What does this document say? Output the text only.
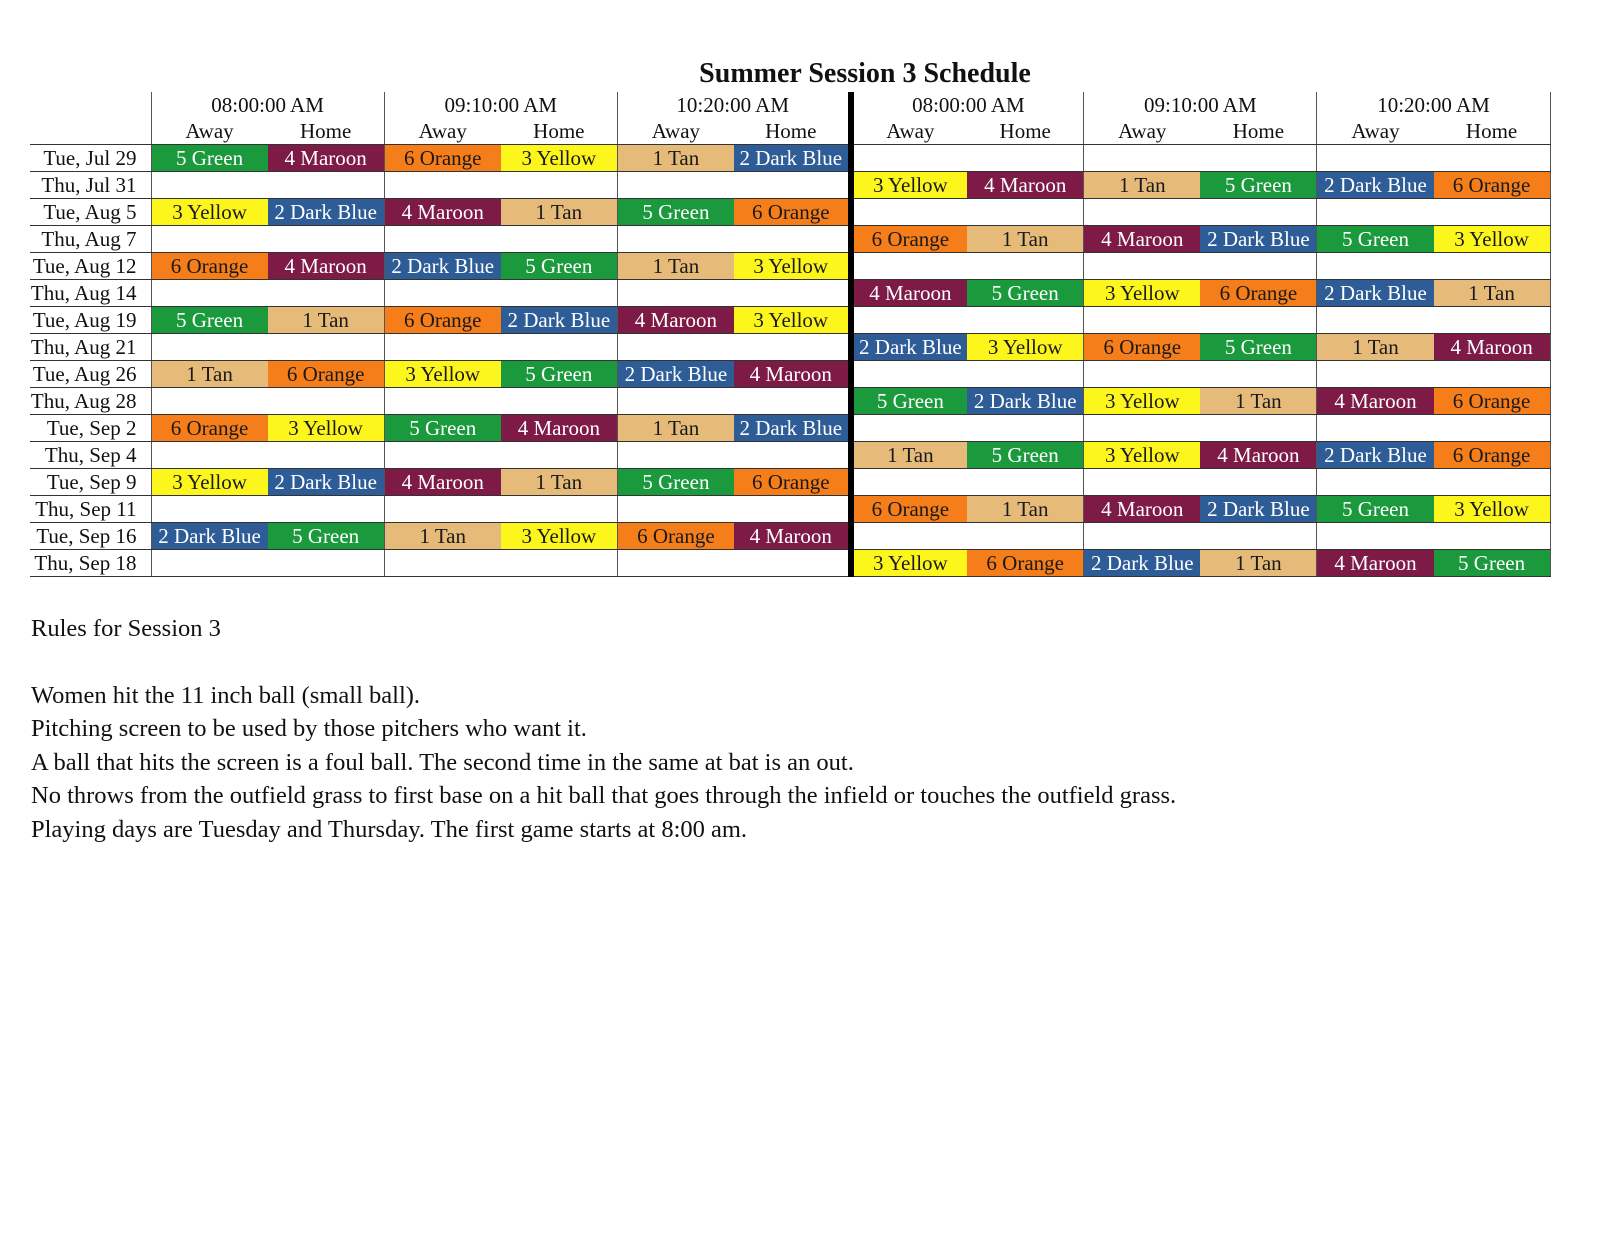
Summer Session 3 Schedule
	08:00:00 AM		09:10:00 AM		10:20:00 AM		08:00:00 AM		09:10:00 AM		10:20:00 AM	
	Away	Home	Away	Home	Away	Home	Away	Home	Away	Home	Away	Home
Tue, Jul 29	5 Green	4 Maroon	6 Orange	3 Yellow	1 Tan	2 Dark Blue						
Thu, Jul 31							3 Yellow	4 Maroon	1 Tan	5 Green	2 Dark Blue	6 Orange
Tue, Aug 5	3 Yellow	2 Dark Blue	4 Maroon	1 Tan	5 Green	6 Orange						
Thu, Aug 7							6 Orange	1 Tan	4 Maroon	2 Dark Blue	5 Green	3 Yellow
Tue, Aug 12	6 Orange	4 Maroon	2 Dark Blue	5 Green	1 Tan	3 Yellow						
Thu, Aug 14							4 Maroon	5 Green	3 Yellow	6 Orange	2 Dark Blue	1 Tan
Tue, Aug 19	5 Green	1 Tan	6 Orange	2 Dark Blue	4 Maroon	3 Yellow						
Thu, Aug 21							2 Dark Blue	3 Yellow	6 Orange	5 Green	1 Tan	4 Maroon
Tue, Aug 26	1 Tan	6 Orange	3 Yellow	5 Green	2 Dark Blue	4 Maroon						
Thu, Aug 28							5 Green	2 Dark Blue	3 Yellow	1 Tan	4 Maroon	6 Orange
Tue, Sep 2	6 Orange	3 Yellow	5 Green	4 Maroon	1 Tan	2 Dark Blue						
Thu, Sep 4							1 Tan	5 Green	3 Yellow	4 Maroon	2 Dark Blue	6 Orange
Tue, Sep 9	3 Yellow	2 Dark Blue	4 Maroon	1 Tan	5 Green	6 Orange						
Thu, Sep 11							6 Orange	1 Tan	4 Maroon	2 Dark Blue	5 Green	3 Yellow
Tue, Sep 16	2 Dark Blue	5 Green	1 Tan	3 Yellow	6 Orange	4 Maroon						
Thu, Sep 18							3 Yellow	6 Orange	2 Dark Blue	1 Tan	4 Maroon	5 Green
Rules for Session 3
Women hit the 11 inch ball (small ball).
Pitching screen to be used by those pitchers who want it.
A ball that hits the screen is a foul ball. The second time in the same at bat is an out.
No throws from the outfield grass to first base on a hit ball that goes through the infield or touches the outfield grass.
Playing days are Tuesday and Thursday. The first game starts at 8:00 am.
